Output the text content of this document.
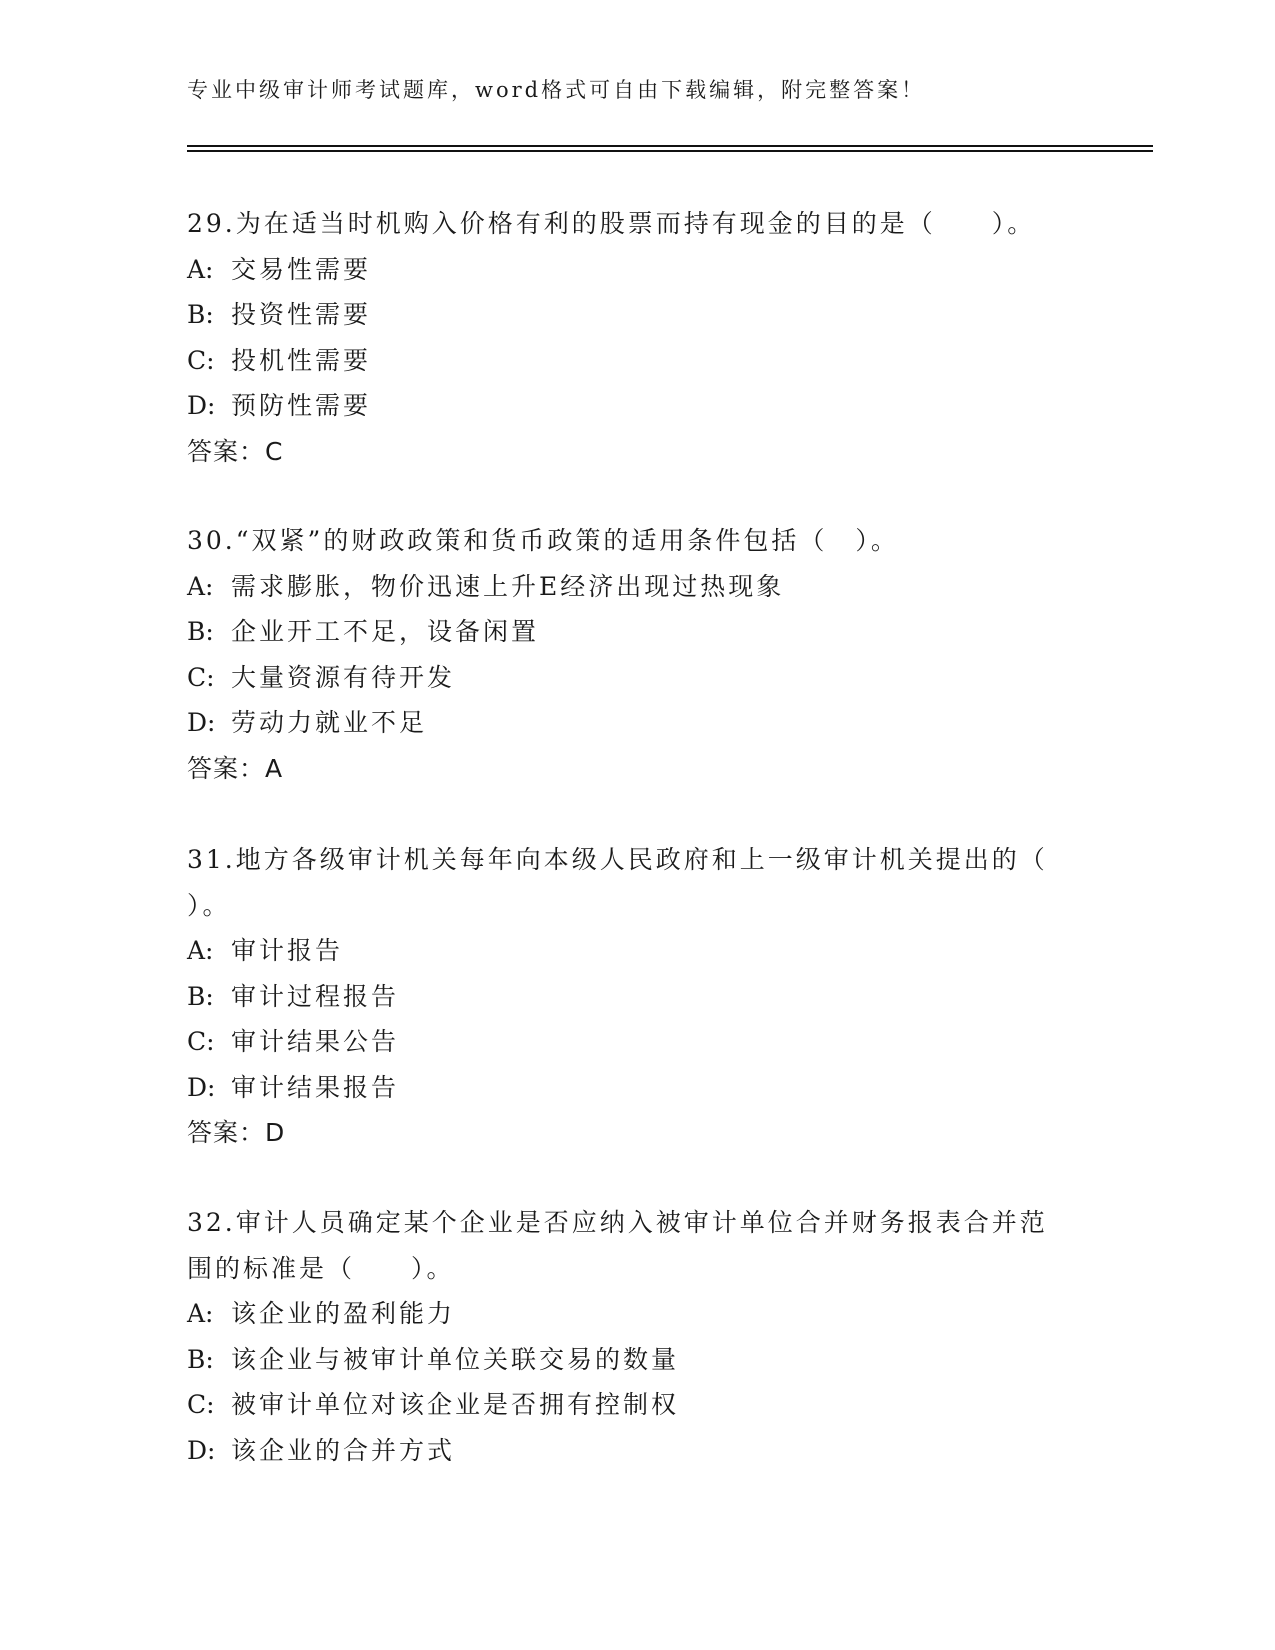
专业中级审计师考试题库，word格式可自由下载编辑，附完整答案！
29.为在适当时机购入价格有利的股票而持有现金的目的是（　　）。
A: 交易性需要
B: 投资性需要
C: 投机性需要
D: 预防性需要
答案：C
30.“双紧”的财政政策和货币政策的适用条件包括（　）。
A: 需求膨胀，物价迅速上升E经济出现过热现象
B: 企业开工不足，设备闲置
C: 大量资源有待开发
D: 劳动力就业不足
答案：A
31.地方各级审计机关每年向本级人民政府和上一级审计机关提出的（
）。
A: 审计报告
B: 审计过程报告
C: 审计结果公告
D: 审计结果报告
答案：D
32.审计人员确定某个企业是否应纳入被审计单位合并财务报表合并范
围的标准是（　　）。
A: 该企业的盈利能力
B: 该企业与被审计单位关联交易的数量
C: 被审计单位对该企业是否拥有控制权
D: 该企业的合并方式
